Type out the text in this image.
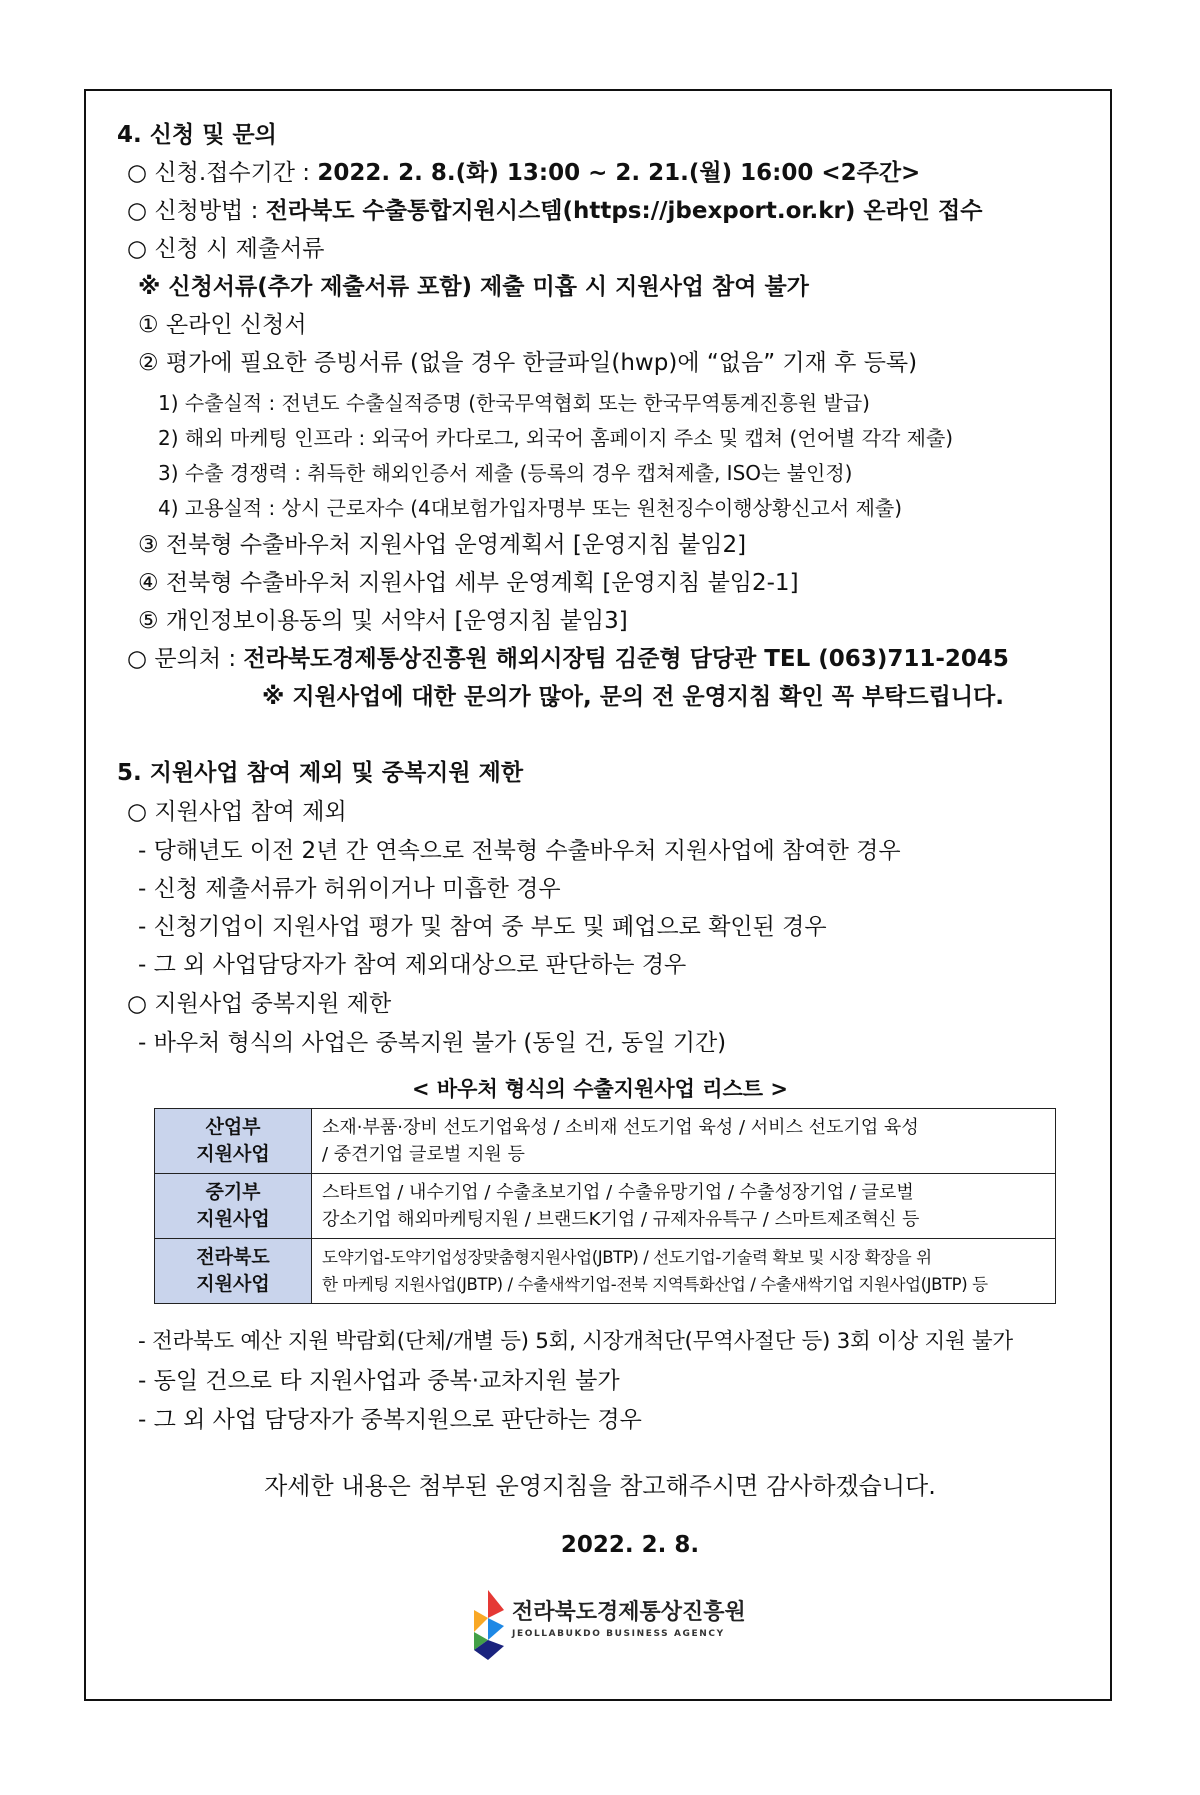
4. 신청 및 문의
○ 신청.접수기간 : 2022. 2. 8.(화) 13:00 ~ 2. 21.(월) 16:00 <2주간>
○ 신청방법 : 전라북도 수출통합지원시스템(https://jbexport.or.kr) 온라인 접수
○ 신청 시 제출서류
※ 신청서류(추가 제출서류 포함) 제출 미흡 시 지원사업 참여 불가
① 온라인 신청서
② 평가에 필요한 증빙서류 (없을 경우 한글파일(hwp)에 “없음” 기재 후 등록)
1) 수출실적 : 전년도 수출실적증명 (한국무역협회 또는 한국무역통계진흥원 발급)
2) 해외 마케팅 인프라 : 외국어 카다로그, 외국어 홈페이지 주소 및 캡쳐 (언어별 각각 제출)
3) 수출 경쟁력 : 취득한 해외인증서 제출 (등록의 경우 캡쳐제출, ISO는 불인정)
4) 고용실적 : 상시 근로자수 (4대보험가입자명부 또는 원천징수이행상황신고서 제출)
③ 전북형 수출바우처 지원사업 운영계획서 [운영지침 붙임2]
④ 전북형 수출바우처 지원사업 세부 운영계획 [운영지침 붙임2-1]
⑤ 개인정보이용동의 및 서약서 [운영지침 붙임3]
○ 문의처 : 전라북도경제통상진흥원 해외시장팀 김준형 담당관 TEL (063)711-2045
※ 지원사업에 대한 문의가 많아, 문의 전 운영지침 확인 꼭 부탁드립니다.
5. 지원사업 참여 제외 및 중복지원 제한
○ 지원사업 참여 제외
- 당해년도 이전 2년 간 연속으로 전북형 수출바우처 지원사업에 참여한 경우
- 신청 제출서류가 허위이거나 미흡한 경우
- 신청기업이 지원사업 평가 및 참여 중 부도 및 폐업으로 확인된 경우
- 그 외 사업담당자가 참여 제외대상으로 판단하는 경우
○ 지원사업 중복지원 제한
- 바우처 형식의 사업은 중복지원 불가 (동일 건, 동일 기간)
< 바우처 형식의 수출지원사업 리스트 >
산업부
지원사업	소재·부품·장비 선도기업육성 / 소비재 선도기업 육성 / 서비스 선도기업 육성
/ 중견기업 글로벌 지원 등

중기부
지원사업	스타트업 / 내수기업 / 수출초보기업 / 수출유망기업 / 수출성장기업 / 글로벌
강소기업 해외마케팅지원 / 브랜드K기업 / 규제자유특구 / 스마트제조혁신 등

전라북도
지원사업	도약기업-도약기업성장맞춤형지원사업(JBTP) / 선도기업-기술력 확보 및 시장 확장을 위
한 마케팅 지원사업(JBTP) / 수출새싹기업-전북 지역특화산업 / 수출새싹기업 지원사업(JBTP) 등
- 전라북도 예산 지원 박람회(단체/개별 등) 5회, 시장개척단(무역사절단 등) 3회 이상 지원 불가
- 동일 건으로 타 지원사업과 중복·교차지원 불가
- 그 외 사업 담당자가 중복지원으로 판단하는 경우
자세한 내용은 첨부된 운영지침을 참고해주시면 감사하겠습니다.
2022. 2. 8.
전라북도경제통상진흥원
JEOLLABUKDO BUSINESS AGENCY
